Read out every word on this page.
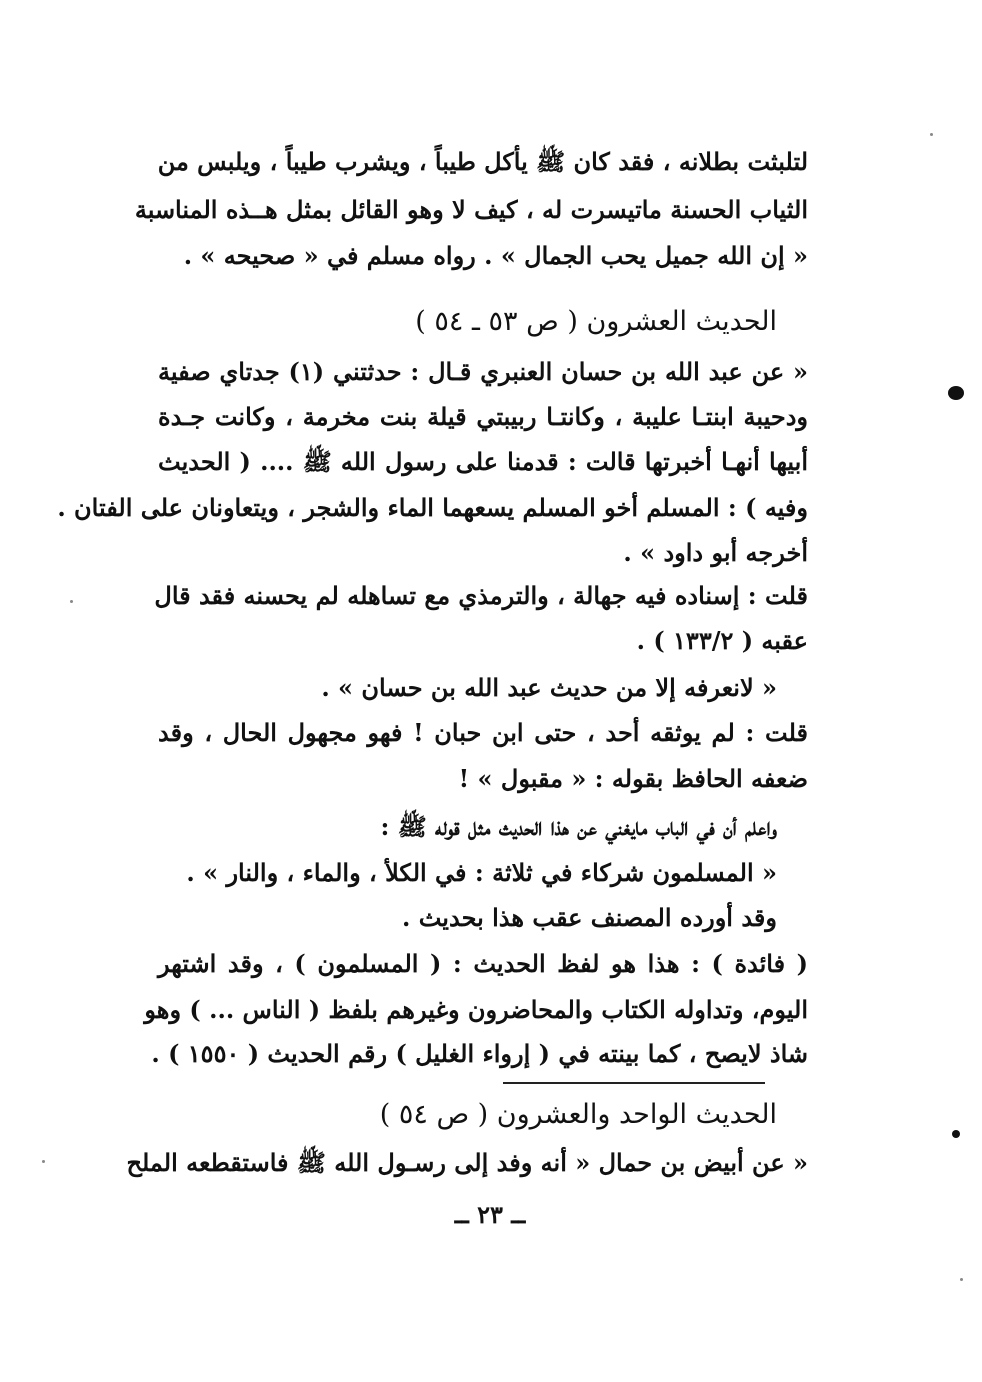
لتلبثت بطلانه ، فقد كان ﷺ يأكل طيباً ، ويشرب طيباً ، ويلبس من
الثياب الحسنة ماتيسرت له ، كيف لا وهو القائل بمثل هــذه المناسبة
« إن الله جميل يحب الجمال » . رواه مسلم في « صحيحه » .
الحديث العشرون ( ص ٥٣ ـ ٥٤ )
« عن عبد الله بن حسان العنبري قـال : حدثتني (١) جدتاي صفية
ودحيبة ابنتـا عليبة ، وكانتـا ربيبتي قيلة بنت مخرمة ، وكانت جـدة
أبيها أنهـا أخبرتها قالت : قدمنا على رسول الله ﷺ .... ( الحديث
وفيه ) : المسلم أخو المسلم يسعهما الماء والشجر ، ويتعاونان على الفتان .
أخرجه أبو داود » .
قلت : إسناده فيه جهالة ، والترمذي مع تساهله لم يحسنه فقد قال
عقبه ( ١٣٣/٢ ) .
« لانعرفه إلا من حديث عبد الله بن حسان » .
قلت : لم يوثقه أحد ، حتى ابن حبان ! فهو مجهول الحال ، وقد
ضعفه الحافظ بقوله : « مقبول » !
واعلم أن في الباب مايغني عن هذا الحديث مثل قوله ﷺ :
« المسلمون شركاء في ثلاثة : في الكلأ ، والماء ، والنار » .
وقد أورده المصنف عقب هذا بحديث .
( فائدة ) : هذا هو لفظ الحديث : ( المسلمون ) ، وقد اشتهر
اليوم، وتداوله الكتاب والمحاضرون وغيرهم بلفظ ( الناس ... ) وهو
شاذ لايصح ، كما بينته في ( إرواء الغليل ) رقم الحديث ( ١٥٥٠ ) .
الحديث الواحد والعشرون ( ص ٥٤ )
« عن أبيض بن حمال « أنه وفد إلى رسـول الله ﷺ فاستقطعه الملح
ــ ٢٣ ــ
